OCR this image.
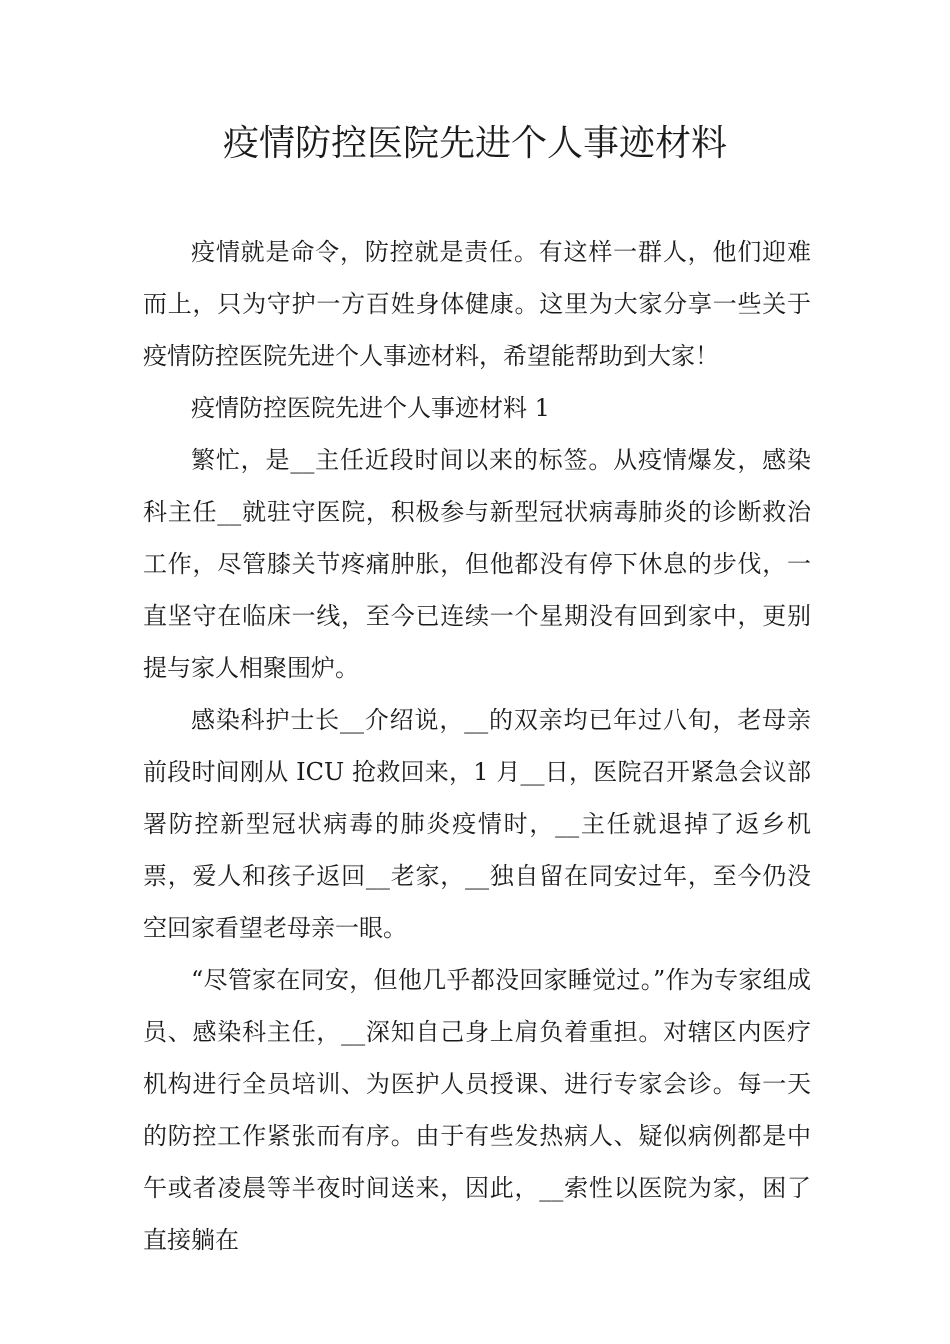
疫情防控医院先进个人事迹材料

疫情就是命令，防控就是责任。有这样一群人，他们迎难而上，只为守护一方百姓身体健康。这里为大家分享一些关于疫情防控医院先进个人事迹材料，希望能帮助到大家！

疫情防控医院先进个人事迹材料 1

繁忙，是__主任近段时间以来的标签。从疫情爆发，感染科主任__就驻守医院，积极参与新型冠状病毒肺炎的诊断救治工作，尽管膝关节疼痛肿胀，但他都没有停下休息的步伐，一直坚守在临床一线，至今已连续一个星期没有回到家中，更别提与家人相聚围炉。

感染科护士长__介绍说，__的双亲均已年过八旬，老母亲前段时间刚从 ICU 抢救回来，1 月__日，医院召开紧急会议部署防控新型冠状病毒的肺炎疫情时，__主任就退掉了返乡机票，爱人和孩子返回__老家，__独自留在同安过年，至今仍没空回家看望老母亲一眼。

“尽管家在同安，但他几乎都没回家睡觉过。”作为专家组成员、感染科主任，__深知自己身上肩负着重担。对辖区内医疗机构进行全员培训、为医护人员授课、进行专家会诊。每一天的防控工作紧张而有序。由于有些发热病人、疑似病例都是中午或者凌晨等半夜时间送来，因此，__索性以医院为家，困了直接躺在
